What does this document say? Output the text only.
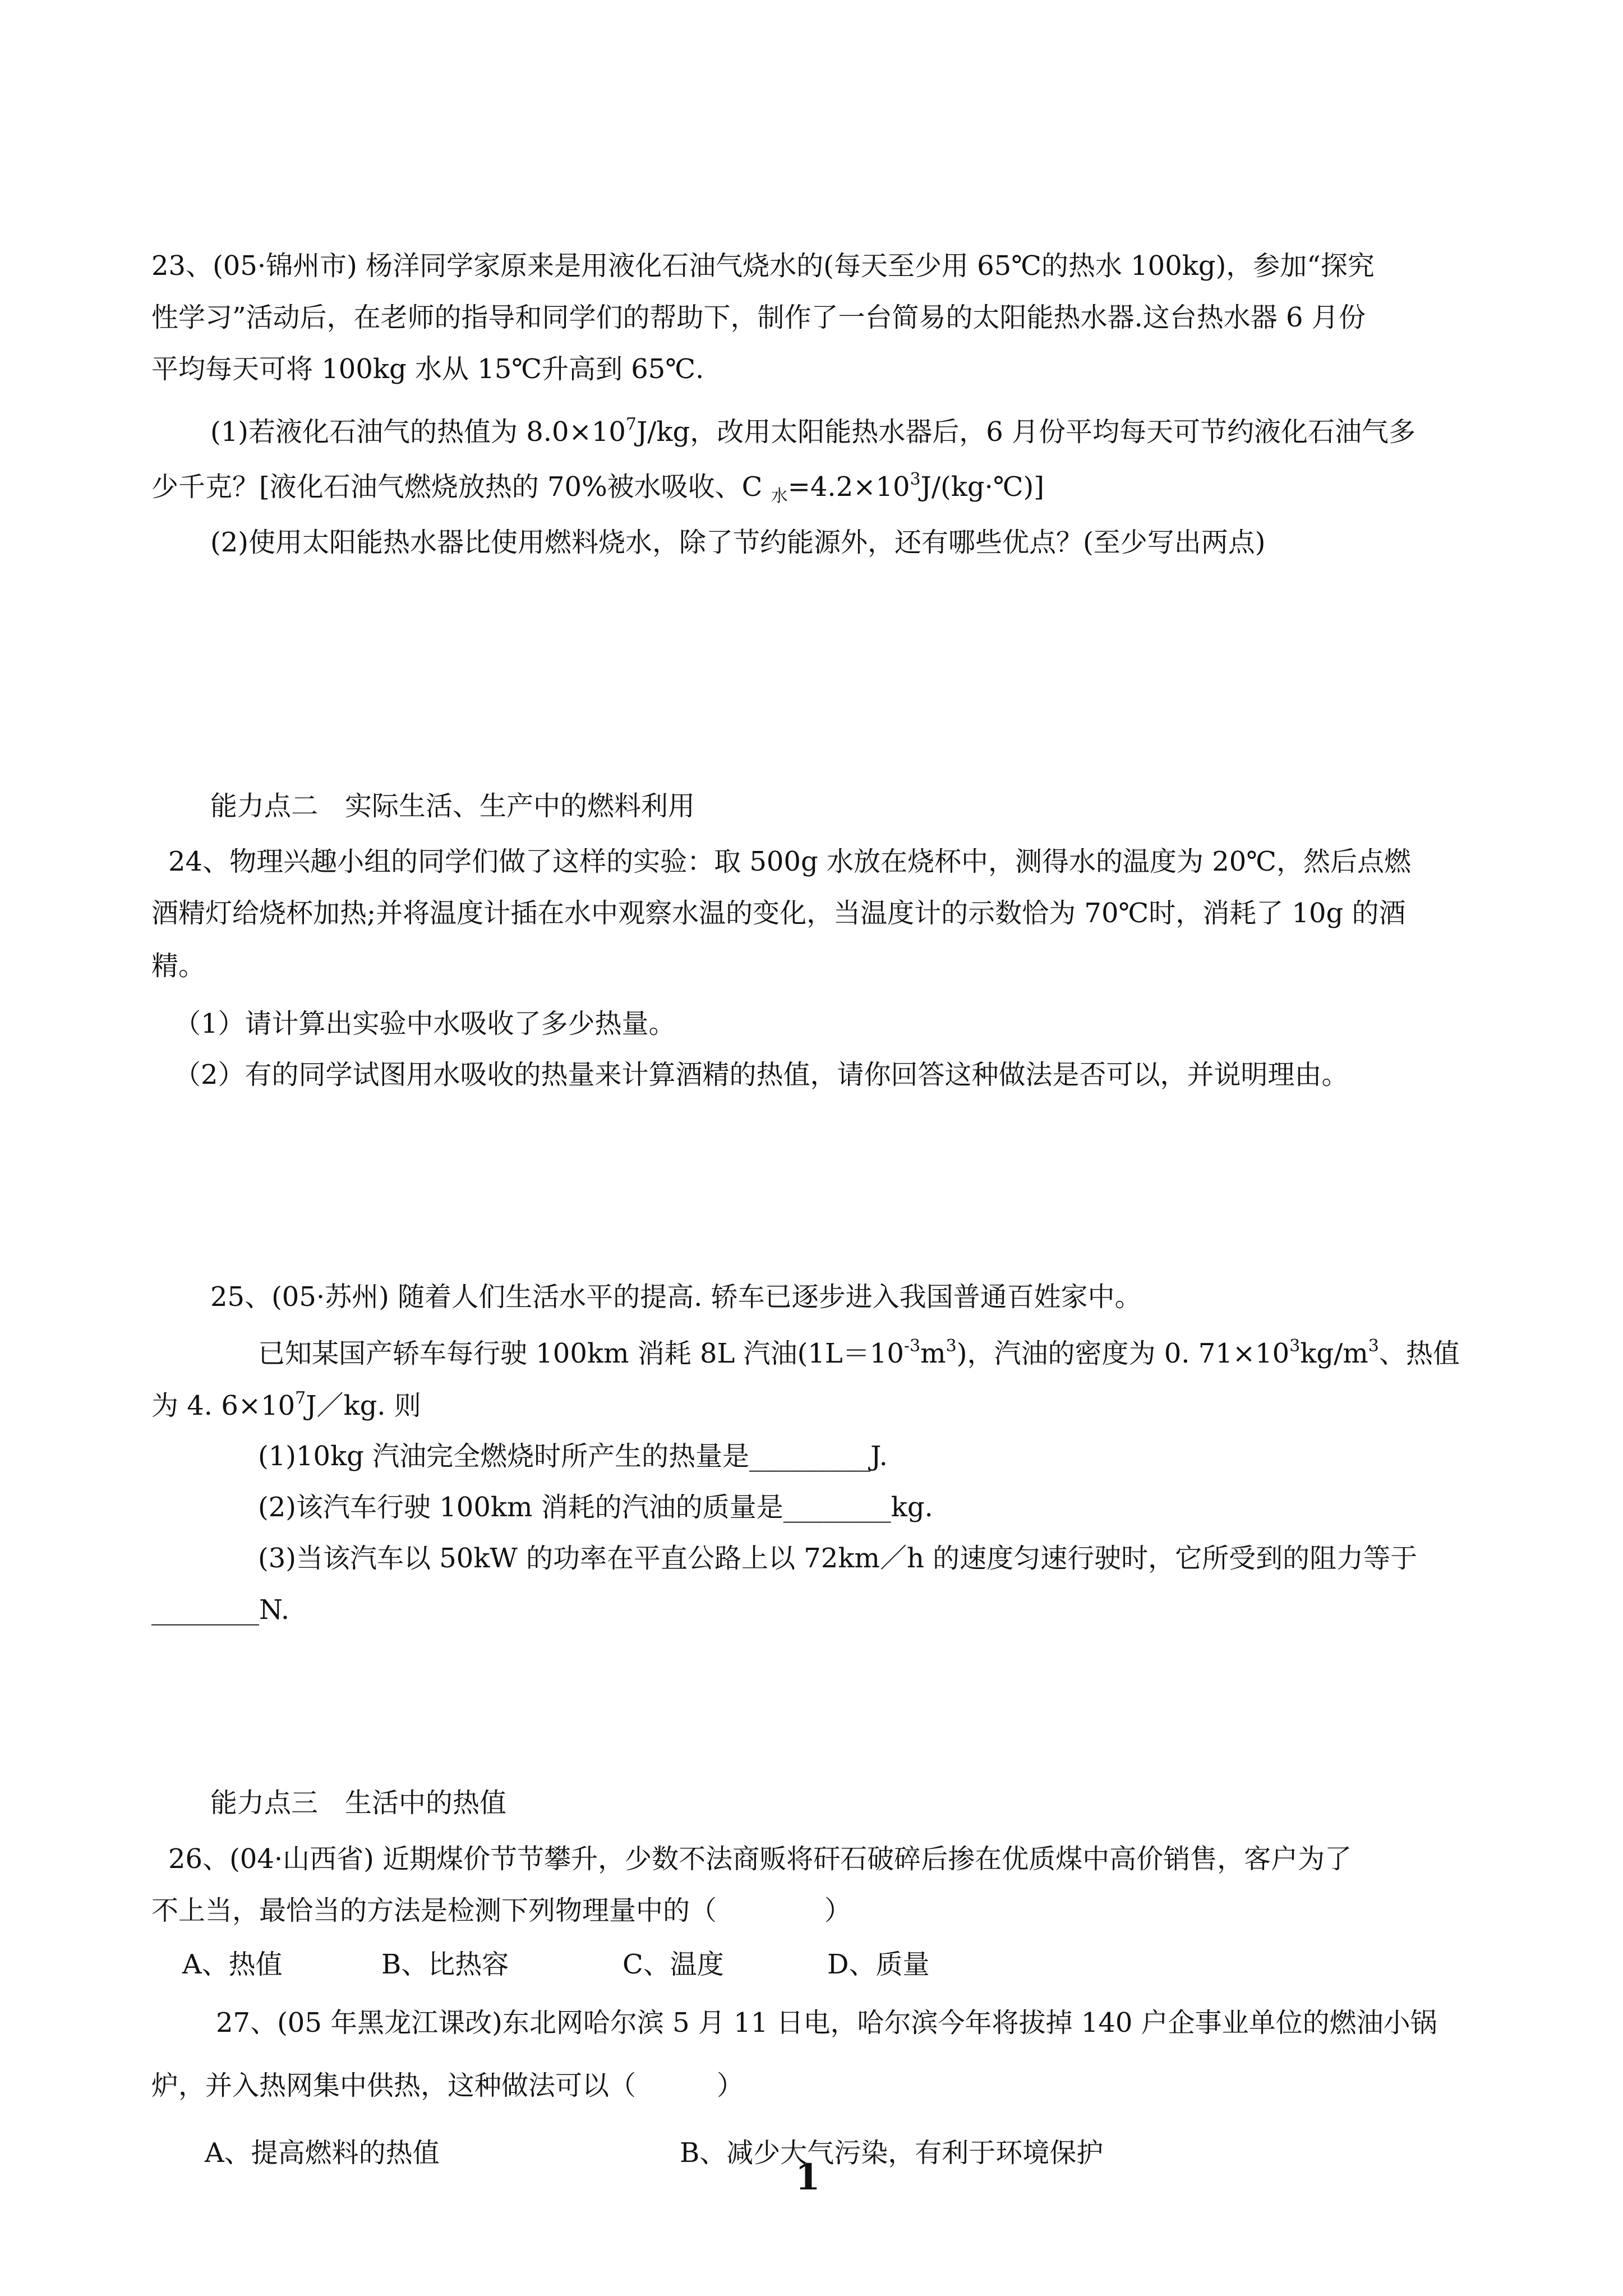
23、(05·锦州市) 杨洋同学家原来是用液化石油气烧水的(每天至少用 65℃的热水 100kg)，参加“探究
性学习”活动后，在老师的指导和同学们的帮助下，制作了一台简易的太阳能热水器.这台热水器 6 月份
平均每天可将 100kg 水从 15℃升高到 65℃.
(1)若液化石油气的热值为 $8.0\times 10^7J/kg$，改用太阳能热水器后，6 月份平均每天可节约液化石油气多
少千克？[液化石油气燃烧放热的 70%被水吸收、C $_水=4.2\times 10^3J/(kg\cdot℃)$]
(2)使用太阳能热水器比使用燃料烧水，除了节约能源外，还有哪些优点？(至少写出两点)
能力点二　实际生活、生产中的燃料利用
24、物理兴趣小组的同学们做了这样的实验：取 500g 水放在烧杯中，测得水的温度为 20℃，然后点燃
酒精灯给烧杯加热;并将温度计插在水中观察水温的变化，当温度计的示数恰为 70℃时，消耗了 10g 的酒
精。
（1）请计算出实验中水吸收了多少热量。
（2）有的同学试图用水吸收的热量来计算酒精的热值，请你回答这种做法是否可以，并说明理由。
25、(05·苏州) 随着人们生活水平的提高. 轿车已逐步进入我国普通百姓家中。
已知某国产轿车每行驶 100km 消耗 8L 汽油$(1L=10^{-3}m^3)$，汽油的密度为 0. $71\times 10^3kg/m^3$、热值
为 4. $6\times 10^7J/kg$. 则
(1)10kg 汽油完全燃烧时所产生的热量是_________J.
(2)该汽车行驶 100km 消耗的汽油的质量是________kg.
(3)当该汽车以 50kW 的功率在平直公路上以 72km／h 的速度匀速行驶时，它所受到的阻力等于
________N.
能力点三　生活中的热值
26、(04·山西省) 近期煤价节节攀升，少数不法商贩将矸石破碎后掺在优质煤中高价销售，客户为了
不上当，最恰当的方法是检测下列物理量中的（　　　　）
A、热值	B、比热容	C、温度	D、质量
27、(05 年黑龙江课改)东北网哈尔滨 5 月 11 日电，哈尔滨今年将拔掉 140 户企事业单位的燃油小锅
炉，并入热网集中供热，这种做法可以（　　　）
A、提高燃料的热值	B、减少大气污染，有利于环境保护
1
